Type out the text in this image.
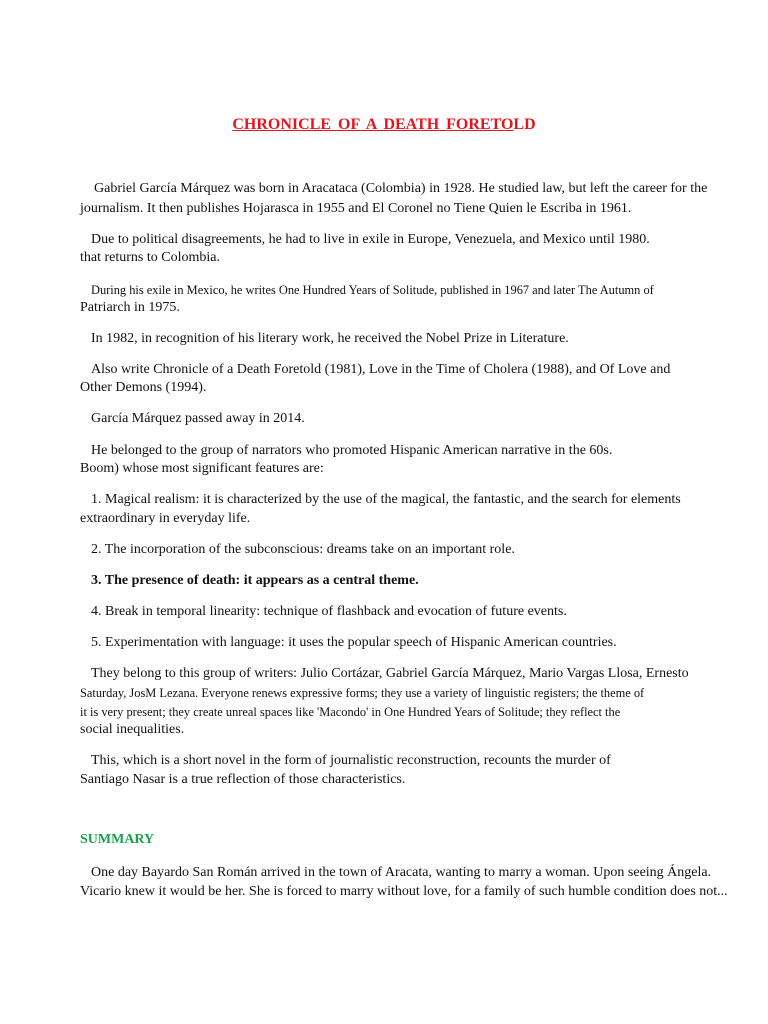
CHRONICLE OF A DEATH FORETOLD
Gabriel García Márquez was born in Aracataca (Colombia) in 1928. He studied law, but left the career for the
journalism. It then publishes Hojarasca in 1955 and El Coronel no Tiene Quien le Escriba in 1961.
Due to political disagreements, he had to live in exile in Europe, Venezuela, and Mexico until 1980.
that returns to Colombia.
During his exile in Mexico, he writes One Hundred Years of Solitude, published in 1967 and later The Autumn of
Patriarch in 1975.
In 1982, in recognition of his literary work, he received the Nobel Prize in Literature.
Also write Chronicle of a Death Foretold (1981), Love in the Time of Cholera (1988), and Of Love and
Other Demons (1994).
García Márquez passed away in 2014.
He belonged to the group of narrators who promoted Hispanic American narrative in the 60s.
Boom) whose most significant features are:
1. Magical realism: it is characterized by the use of the magical, the fantastic, and the search for elements
extraordinary in everyday life.
2. The incorporation of the subconscious: dreams take on an important role.
3. The presence of death: it appears as a central theme.
4. Break in temporal linearity: technique of flashback and evocation of future events.
5. Experimentation with language: it uses the popular speech of Hispanic American countries.
They belong to this group of writers: Julio Cortázar, Gabriel García Márquez, Mario Vargas Llosa, Ernesto
Saturday, JosM Lezana. Everyone renews expressive forms; they use a variety of linguistic registers; the theme of
it is very present; they create unreal spaces like 'Macondo' in One Hundred Years of Solitude; they reflect the
social inequalities.
This, which is a short novel in the form of journalistic reconstruction, recounts the murder of
Santiago Nasar is a true reflection of those characteristics.
SUMMARY
One day Bayardo San Román arrived in the town of Aracata, wanting to marry a woman. Upon seeing Ángela.
Vicario knew it would be her. She is forced to marry without love, for a family of such humble condition does not...
